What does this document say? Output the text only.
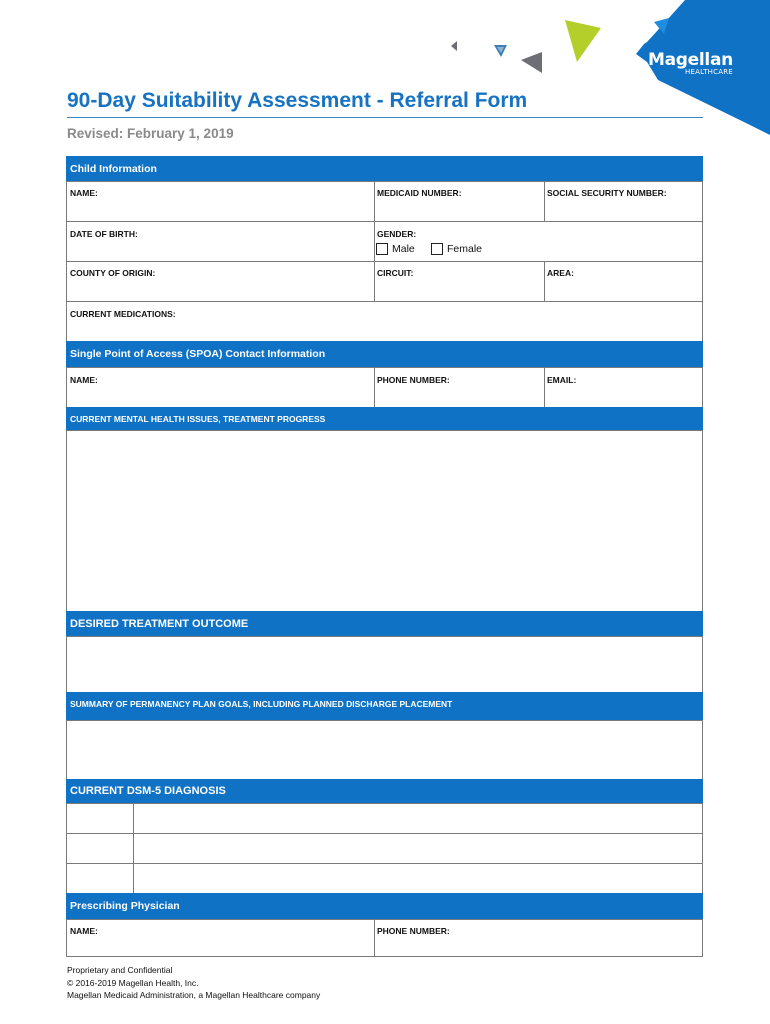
Magellan
HEALTHCARE
90-Day Suitability Assessment - Referral Form
Revised: February 1, 2019
Child Information
NAME:	MEDICAID NUMBER:	SOCIAL SECURITY NUMBER:
DATE OF BIRTH:	GENDER:
Male	Female
COUNTY OF ORIGIN:	CIRCUIT:	AREA:
CURRENT MEDICATIONS:
Single Point of Access (SPOA) Contact Information
NAME:	PHONE NUMBER:	EMAIL:
CURRENT MENTAL HEALTH ISSUES, TREATMENT PROGRESS
DESIRED TREATMENT OUTCOME
SUMMARY OF PERMANENCY PLAN GOALS, INCLUDING PLANNED DISCHARGE PLACEMENT
CURRENT DSM-5 DIAGNOSIS
Prescribing Physician
NAME:	PHONE NUMBER:
Proprietary and Confidential
© 2016-2019 Magellan Health, Inc.
Magellan Medicaid Administration, a Magellan Healthcare company
